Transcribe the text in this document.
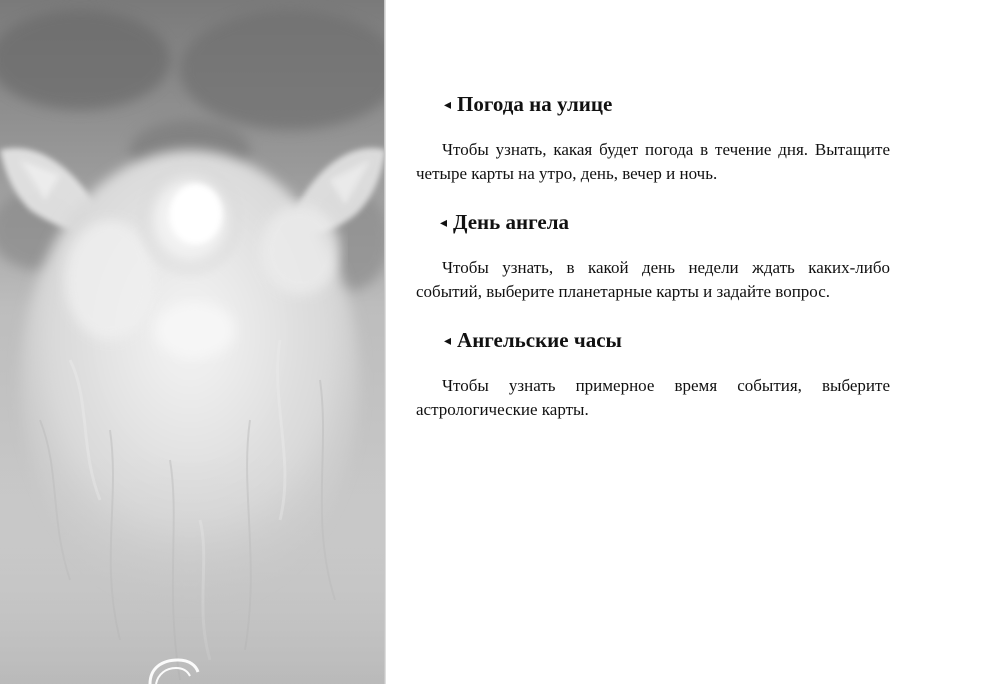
◂ Погода на улице

Чтобы узнать, какая будет погода в течение дня. Вытащите четыре карты на утро, день, вечер и ночь.

◂ День ангела

Чтобы узнать, в какой день недели ждать каких-либо событий, выберите планетарные карты и задайте вопрос.

◂ Ангельские часы

Чтобы узнать примерное время события, выберите астрологические карты.
